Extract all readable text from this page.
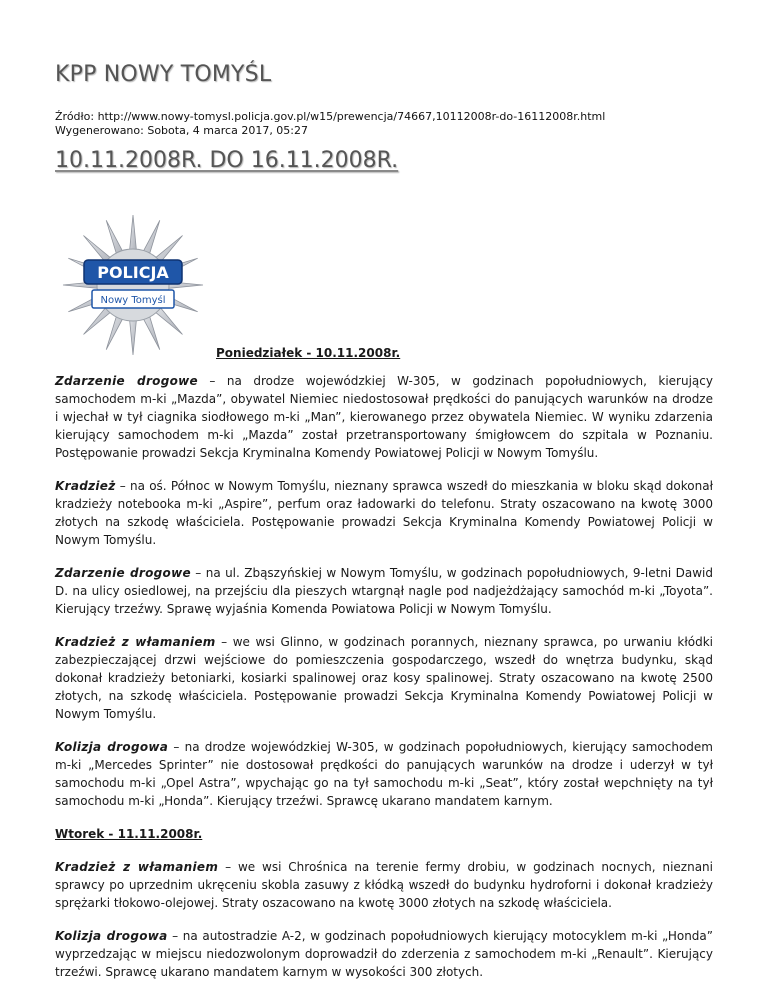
KPP NOWY TOMYŚL
Źródło: http://www.nowy-tomysl.policja.gov.pl/w15/prewencja/74667,10112008r-do-16112008r.html
Wygenerowano: Sobota, 4 marca 2017, 05:27
10.11.2008R. DO 16.11.2008R.
POLICJA
Nowy Tomyśl
Poniedziałek - 10.11.2008r.

Zdarzenie drogowe – na drodze wojewódzkiej W-305, w godzinach popołudniowych, kierujący samochodem m-ki „Mazda”, obywatel Niemiec niedostosował prędkości do panujących warunków na drodze i wjechał w tył ciagnika siodłowego m-ki „Man”, kierowanego przez obywatela Niemiec. W wyniku zdarzenia kierujący samochodem m-ki „Mazda” został przetransportowany śmigłowcem do szpitala w Poznaniu. Postępowanie prowadzi Sekcja Kryminalna Komendy Powiatowej Policji w Nowym Tomyślu.

Kradzież – na oś. Północ w Nowym Tomyślu, nieznany sprawca wszedł do mieszkania w bloku skąd dokonał kradzieży notebooka m-ki „Aspire”, perfum oraz ładowarki do telefonu. Straty oszacowano na kwotę 3000 złotych na szkodę właściciela. Postępowanie prowadzi Sekcja Kryminalna Komendy Powiatowej Policji w Nowym Tomyślu.

Zdarzenie drogowe – na ul. Zbąszyńskiej w Nowym Tomyślu, w godzinach popołudniowych, 9-letni Dawid D. na ulicy osiedlowej, na przejściu dla pieszych wtargnął nagle pod nadjeżdżający samochód m-ki „Toyota”. Kierujący trzeźwy. Sprawę wyjaśnia Komenda Powiatowa Policji w Nowym Tomyślu.

Kradzież z włamaniem – we wsi Glinno, w godzinach porannych, nieznany sprawca, po urwaniu kłódki zabezpieczającej drzwi wejściowe do pomieszczenia gospodarczego, wszedł do wnętrza budynku, skąd dokonał kradzieży betoniarki, kosiarki spalinowej oraz kosy spalinowej. Straty oszacowano na kwotę 2500 złotych, na szkodę właściciela. Postępowanie prowadzi Sekcja Kryminalna Komendy Powiatowej Policji w Nowym Tomyślu.

Kolizja drogowa – na drodze wojewódzkiej W-305, w godzinach popołudniowych, kierujący samochodem m-ki „Mercedes Sprinter” nie dostosował prędkości do panujących warunków na drodze i uderzył w tył samochodu m-ki „Opel Astra”, wpychając go na tył samochodu m-ki „Seat”, który został wepchnięty na tył samochodu m-ki „Honda”. Kierujący trzeźwi. Sprawcę ukarano mandatem karnym.

Wtorek - 11.11.2008r.

Kradzież z włamaniem – we wsi Chrośnica na terenie fermy drobiu, w godzinach nocnych, nieznani sprawcy po uprzednim ukręceniu skobla zasuwy z kłódką wszedł do budynku hydroforni i dokonał kradzieży sprężarki tłokowo-olejowej. Straty oszacowano na kwotę 3000 złotych na szkodę właściciela.

Kolizja drogowa – na autostradzie A-2, w godzinach popołudniowych kierujący motocyklem m-ki „Honda” wyprzedzając w miejscu niedozwolonym doprowadził do zderzenia z samochodem m-ki „Renault”. Kierujący trzeźwi. Sprawcę ukarano mandatem karnym w wysokości 300 złotych.
